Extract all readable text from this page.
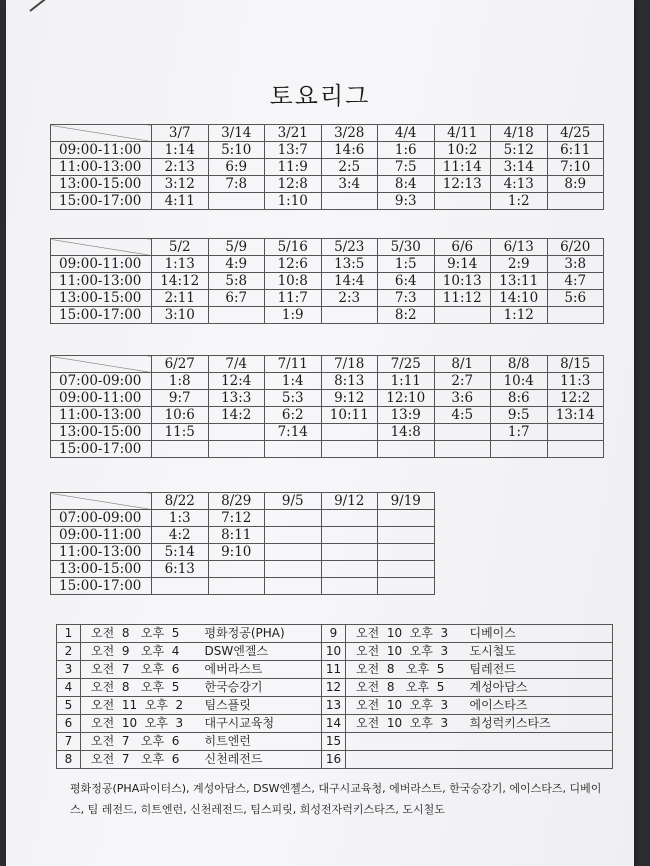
토요리그
	3/7	3/14	3/21	3/28	4/4	4/11	4/18	4/25
09:00-11:00	1:14	5:10	13:7	14:6	1:6	10:2	5:12	6:11
11:00-13:00	2:13	6:9	11:9	2:5	7:5	11:14	3:14	7:10
13:00-15:00	3:12	7:8	12:8	3:4	8:4	12:13	4:13	8:9
15:00-17:00	4:11		1:10		9:3		1:2	
	5/2	5/9	5/16	5/23	5/30	6/6	6/13	6/20
09:00-11:00	1:13	4:9	12:6	13:5	1:5	9:14	2:9	3:8
11:00-13:00	14:12	5:8	10:8	14:4	6:4	10:13	13:11	4:7
13:00-15:00	2:11	6:7	11:7	2:3	7:3	11:12	14:10	5:6
15:00-17:00	3:10		1:9		8:2		1:12	
	6/27	7/4	7/11	7/18	7/25	8/1	8/8	8/15
07:00-09:00	1:8	12:4	1:4	8:13	1:11	2:7	10:4	11:3
09:00-11:00	9:7	13:3	5:3	9:12	12:10	3:6	8:6	12:2
11:00-13:00	10:6	14:2	6:2	10:11	13:9	4:5	9:5	13:14
13:00-15:00	11:5		7:14		14:8		1:7	
15:00-17:00								
	8/22	8/29	9/5	9/12	9/19
07:00-09:00	1:3	7:12			
09:00-11:00	4:2	8:11			
11:00-13:00	5:14	9:10			
13:00-15:00	6:13				
15:00-17:00					
1	오전  8   오후  5	평화정공(PHA)	9	오전  10  오후  3	디베이스
2	오전  9   오후  4	DSW엔젤스	10	오전  10  오후  3	도시철도
3	오전  7   오후  6	에버라스트	11	오전  8   오후  5	팀레전드
4	오전  8   오후  5	한국승강기	12	오전  8   오후  5	계성아담스
5	오전  11  오후  2	팀스플릿	13	오전  10  오후  3	에이스타즈
6	오전  10  오후  3	대구시교육청	14	오전  10  오후  3	희성럭키스타즈
7	오전  7   오후  6	히트엔런	15		
8	오전  7   오후  6	신천레전드	16		
평화정공(PHA파이터스), 계성아담스, DSW엔젤스, 대구시교육청, 에버라스트, 한국승강기, 에이스타즈, 디베이스, 팀 레전드, 히트엔런, 신천레전드, 팀스피릿, 희성전자럭키스타즈, 도시철도
